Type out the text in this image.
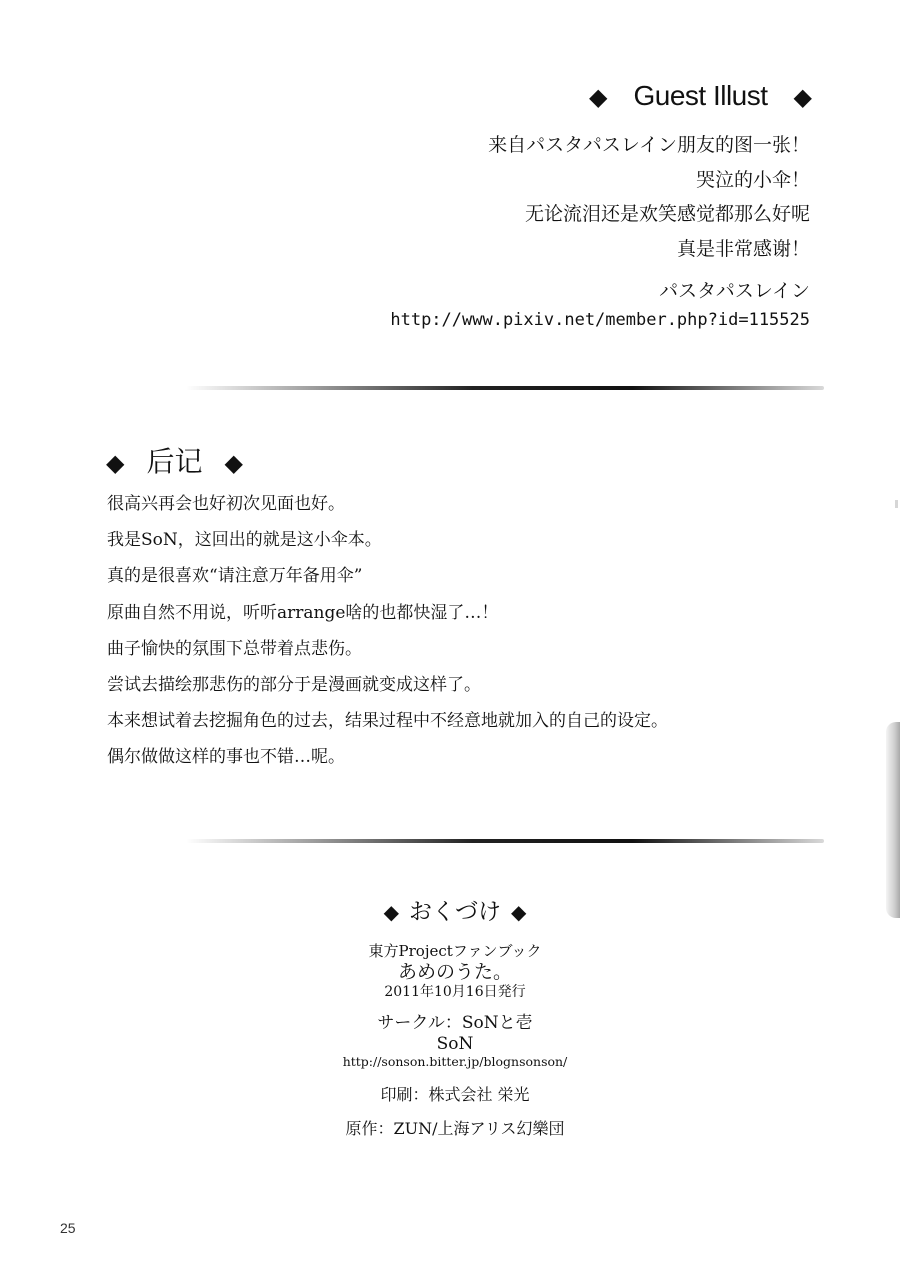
◆ Guest Illust ◆
来自パスタパスレイン朋友的图一张！
哭泣的小伞！
无论流泪还是欢笑感觉都那么好呢
真是非常感谢！
パスタパスレイン
http://www.pixiv.net/member.php?id=115525
◆ 后记 ◆
很高兴再会也好初次见面也好。
我是SoN，这回出的就是这小伞本。
真的是很喜欢“请注意万年备用伞”
原曲自然不用说，听听arrange啥的也都快湿了…！
曲子愉快的氛围下总带着点悲伤。
尝试去描绘那悲伤的部分于是漫画就变成这样了。
本来想试着去挖掘角色的过去，结果过程中不经意地就加入的自己的设定。
偶尔做做这样的事也不错…呢。
◆ おくづけ ◆
東方Projectファンブック
あめのうた。
2011年10月16日発行
サークル：SoNと壱
SoN
http://sonson.bitter.jp/blognsonson/
印刷：株式会社 栄光
原作：ZUN/上海アリス幻樂団
25
